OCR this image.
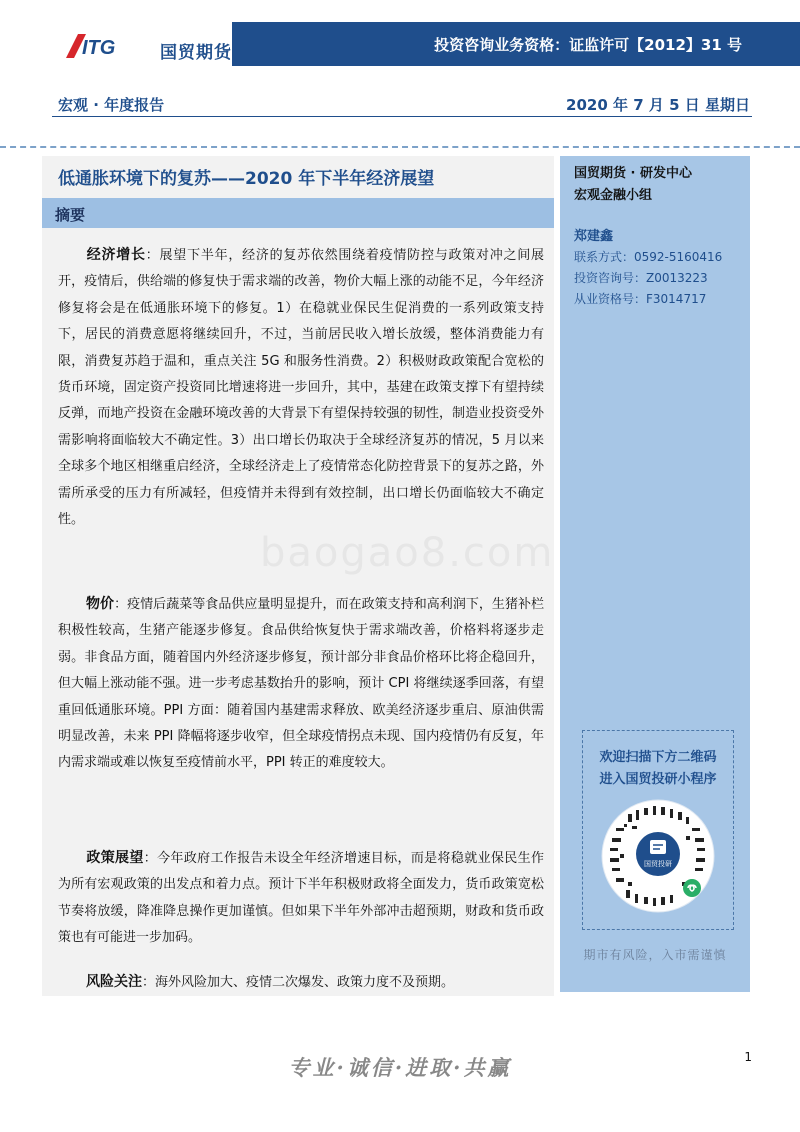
ITG	国贸期货	投资咨询业务资格：证监许可【2012】31 号
宏观 · 年度报告	2020 年 7 月 5 日 星期日
baogao8.com
低通胀环境下的复苏——2020 年下半年经济展望
摘要

经济增长：展望下半年，经济的复苏依然围绕着疫情防控与政策对冲之间展开，疫情后，供给端的修复快于需求端的改善，物价大幅上涨的动能不足，今年经济修复将会是在低通胀环境下的修复。1）在稳就业保民生促消费的一系列政策支持下，居民的消费意愿将继续回升，不过，当前居民收入增长放缓，整体消费能力有限，消费复苏趋于温和，重点关注 5G 和服务性消费。2）积极财政政策配合宽松的货币环境，固定资产投资同比增速将进一步回升，其中，基建在政策支撑下有望持续反弹，而地产投资在金融环境改善的大背景下有望保持较强的韧性，制造业投资受外需影响将面临较大不确定性。3）出口增长仍取决于全球经济复苏的情况，5 月以来全球多个地区相继重启经济，全球经济走上了疫情常态化防控背景下的复苏之路，外需所承受的压力有所减轻，但疫情并未得到有效控制，出口增长仍面临较大不确定性。

物价：疫情后蔬菜等食品供应量明显提升，而在政策支持和高利润下，生猪补栏积极性较高，生猪产能逐步修复。食品供给恢复快于需求端改善，价格料将逐步走弱。非食品方面，随着国内外经济逐步修复，预计部分非食品价格环比将企稳回升，但大幅上涨动能不强。进一步考虑基数抬升的影响，预计 CPI 将继续逐季回落，有望重回低通胀环境。PPI 方面：随着国内基建需求释放、欧美经济逐步重启、原油供需明显改善，未来 PPI 降幅将逐步收窄，但全球疫情拐点未现、国内疫情仍有反复，年内需求端或难以恢复至疫情前水平，PPI 转正的难度较大。

政策展望：今年政府工作报告未设全年经济增速目标，而是将稳就业保民生作为所有宏观政策的出发点和着力点。预计下半年积极财政将全面发力，货币政策宽松节奏将放缓，降准降息操作更加谨慎。但如果下半年外部冲击超预期，财政和货币政策也有可能进一步加码。

风险关注：海外风险加大、疫情二次爆发、政策力度不及预期。

国贸期货 · 研发中心
宏观金融小组
郑建鑫
联系方式：0592-5160416
投资咨询号：Z0013223
从业资格号：F3014717
欢迎扫描下方二维码
进入国贸投研小程序
国贸投研
期市有风险，入市需谨慎
专业·诚信·进取·共赢	1
